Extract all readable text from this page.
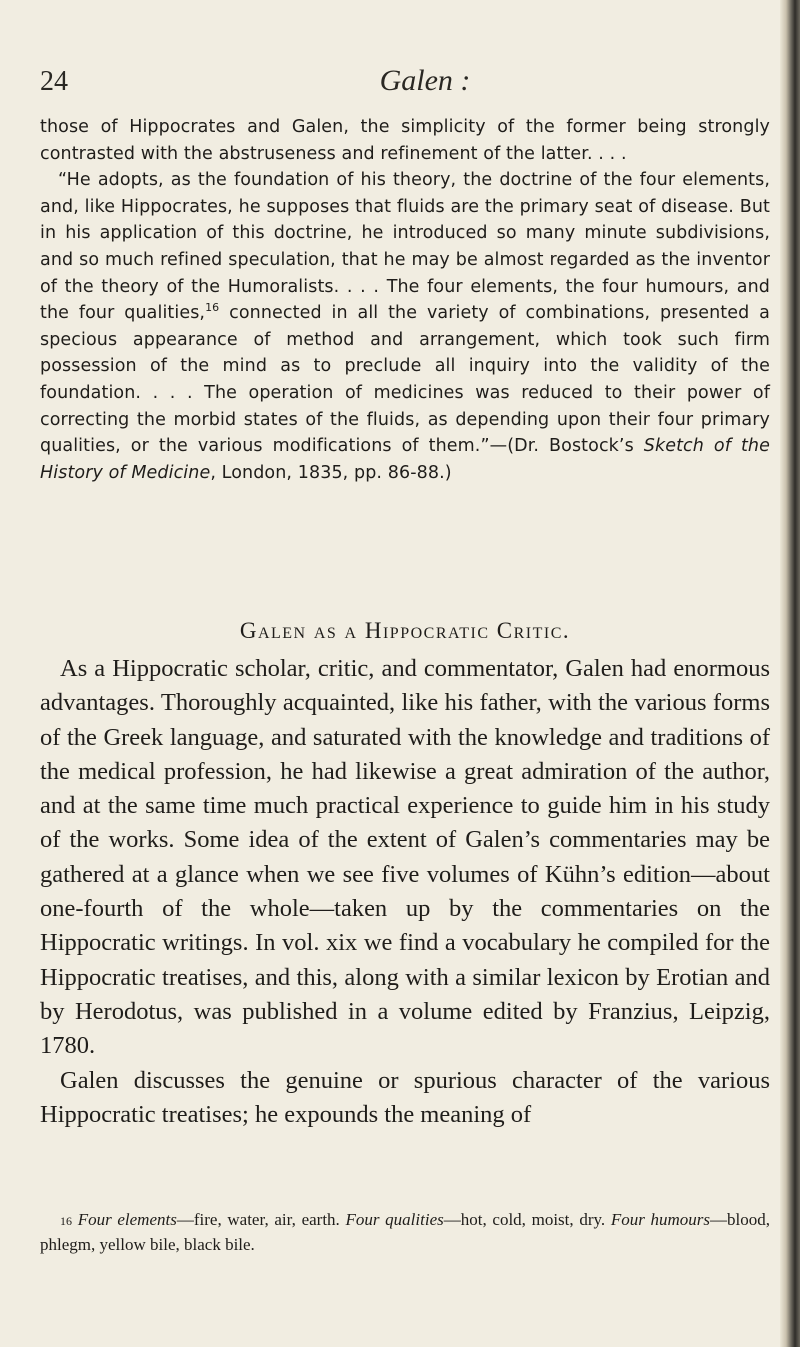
24	Galen :

those of Hippocrates and Galen, the simplicity of the former being strongly contrasted with the abstruseness and refinement of the latter. . . .

“He adopts, as the foundation of his theory, the doctrine of the four elements, and, like Hippocrates, he supposes that fluids are the primary seat of disease. But in his application of this doctrine, he introduced so many minute subdivisions, and so much refined speculation, that he may be almost regarded as the inventor of the theory of the Humoralists. . . . The four elements, the four humours, and the four qualities,$^{16}$ connected in all the variety of combinations, presented a specious appearance of method and arrangement, which took such firm possession of the mind as to preclude all inquiry into the validity of the foundation. . . . The operation of medicines was reduced to their power of correcting the morbid states of the fluids, as depending upon their four primary qualities, or the various modifications of them.”—(Dr. Bostock’s Sketch of the History of Medicine, London, 1835, pp. 86-88.)

Galen as a Hippocratic Critic.

As a Hippocratic scholar, critic, and commentator, Galen had enormous advantages. Thoroughly acquainted, like his father, with the various forms of the Greek language, and saturated with the knowledge and traditions of the medical profession, he had likewise a great admiration of the author, and at the same time much practical experience to guide him in his study of the works. Some idea of the extent of Galen’s commentaries may be gathered at a glance when we see five volumes of Kühn’s edition—about one-fourth of the whole—taken up by the commentaries on the Hippocratic writings. In vol. xix we find a vocabulary he compiled for the Hippocratic treatises, and this, along with a similar lexicon by Erotian and by Herodotus, was published in a volume edited by Franzius, Leipzig, 1780.

Galen discusses the genuine or spurious character of the various Hippocratic treatises; he expounds the meaning of

16 Four elements—fire, water, air, earth. Four qualities—hot, cold, moist, dry. Four humours—blood, phlegm, yellow bile, black bile.
